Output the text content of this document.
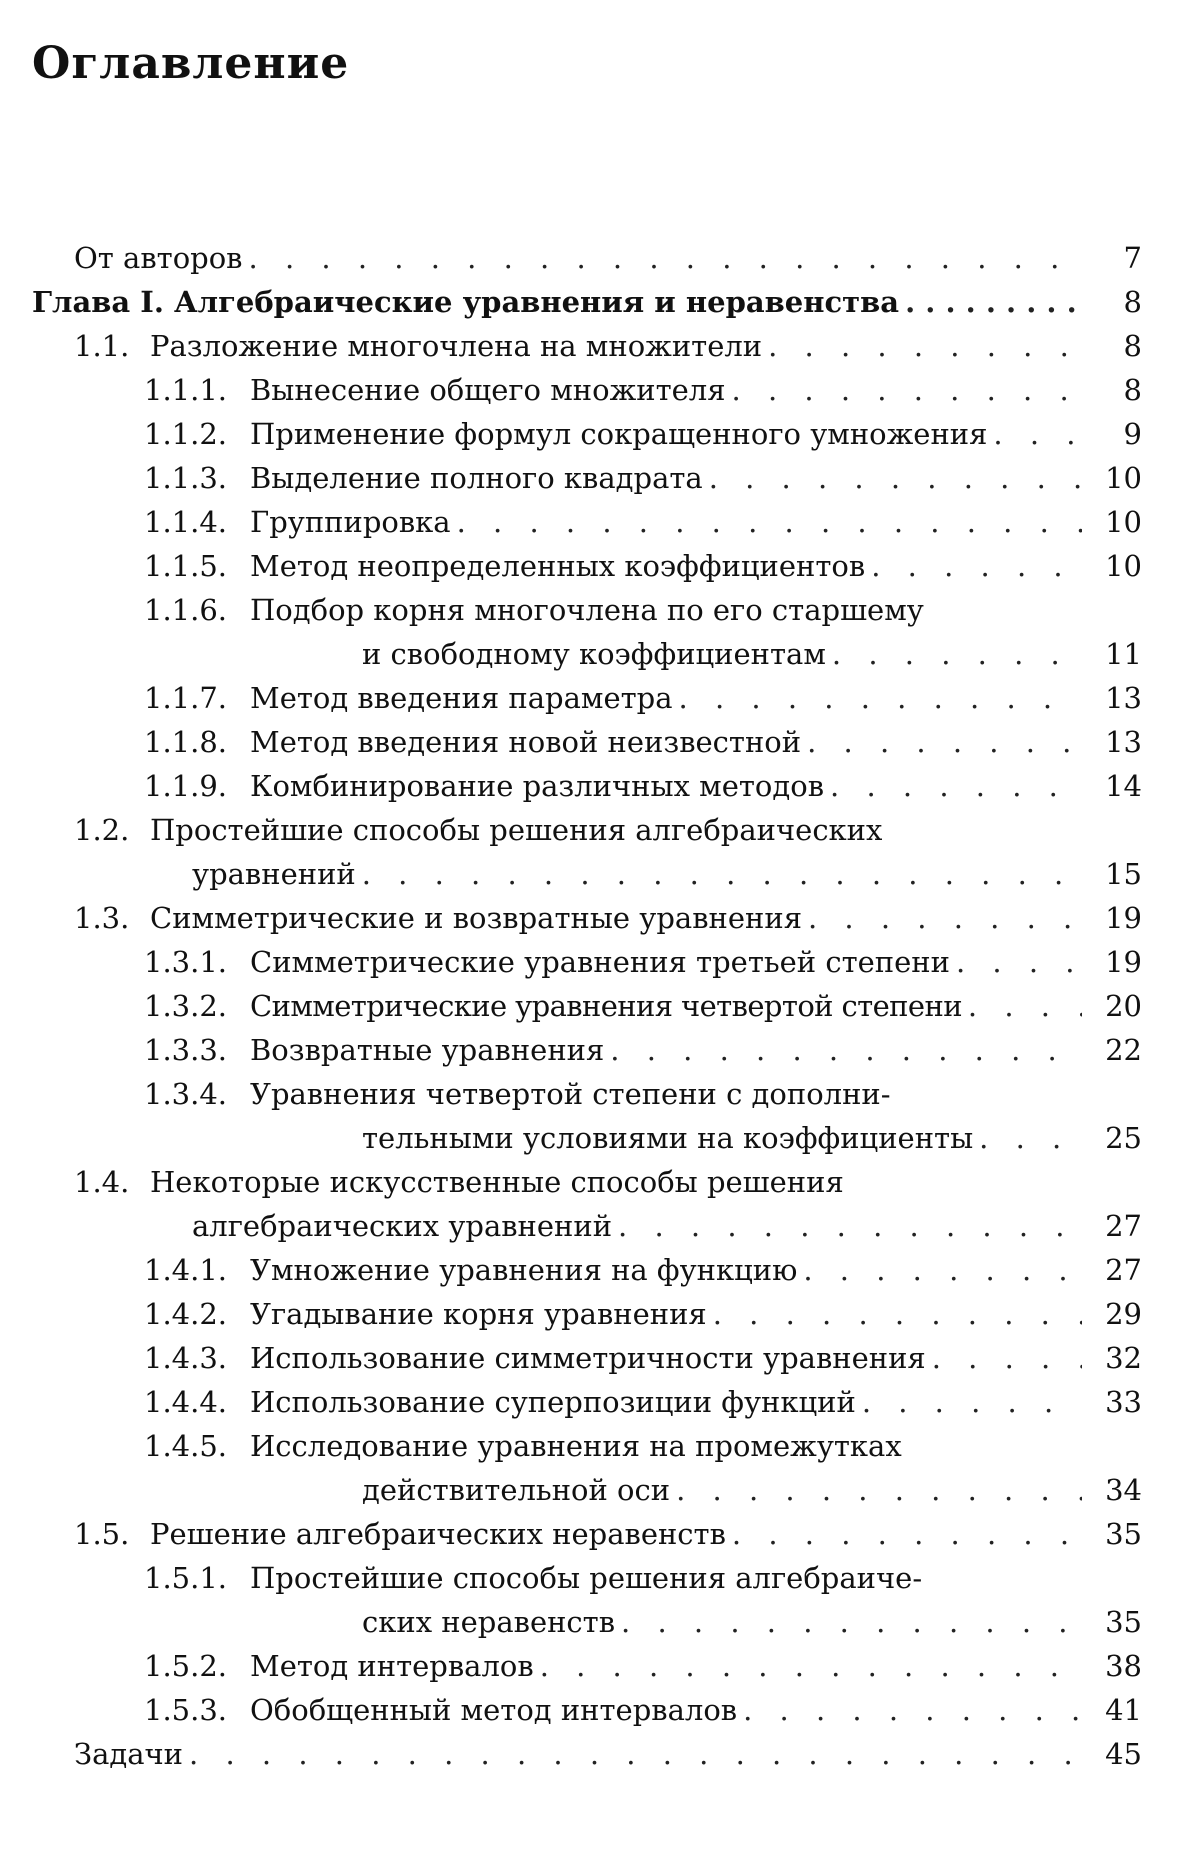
Оглавление
От авторов . . .	7
Глава I. Алгебраические уравнения и неравенства . . .	8
1.1. Разложение многочлена на множители . . .	8
1.1.1. Вынесение общего множителя . . .	8
1.1.2. Применение формул сокращенного умножения . . .	9
1.1.3. Выделение полного квадрата . . .	10
1.1.4. Группировка . . .	10
1.1.5. Метод неопределенных коэффициентов . . .	10
1.1.6. Подбор корня многочлена по его старшему
и свободному коэффициентам . . .	11
1.1.7. Метод введения параметра . . .	13
1.1.8. Метод введения новой неизвестной . . .	13
1.1.9. Комбинирование различных методов . . .	14
1.2. Простейшие способы решения алгебраических
уравнений . . .	15
1.3. Симметрические и возвратные уравнения . . .	19
1.3.1. Симметрические уравнения третьей степени . . .	19
1.3.2. Симметрические уравнения четвертой степени . . .	20
1.3.3. Возвратные уравнения . . .	22
1.3.4. Уравнения четвертой степени с дополни-
тельными условиями на коэффициенты . . .	25
1.4. Некоторые искусственные способы решения
алгебраических уравнений . . .	27
1.4.1. Умножение уравнения на функцию . . .	27
1.4.2. Угадывание корня уравнения . . .	29
1.4.3. Использование симметричности уравнения . . .	32
1.4.4. Использование суперпозиции функций . . .	33
1.4.5. Исследование уравнения на промежутках
действительной оси . . .	34
1.5. Решение алгебраических неравенств . . .	35
1.5.1. Простейшие способы решения алгебраиче-
ских неравенств . . .	35
1.5.2. Метод интервалов . . .	38
1.5.3. Обобщенный метод интервалов . . .	41
Задачи . . .	45
